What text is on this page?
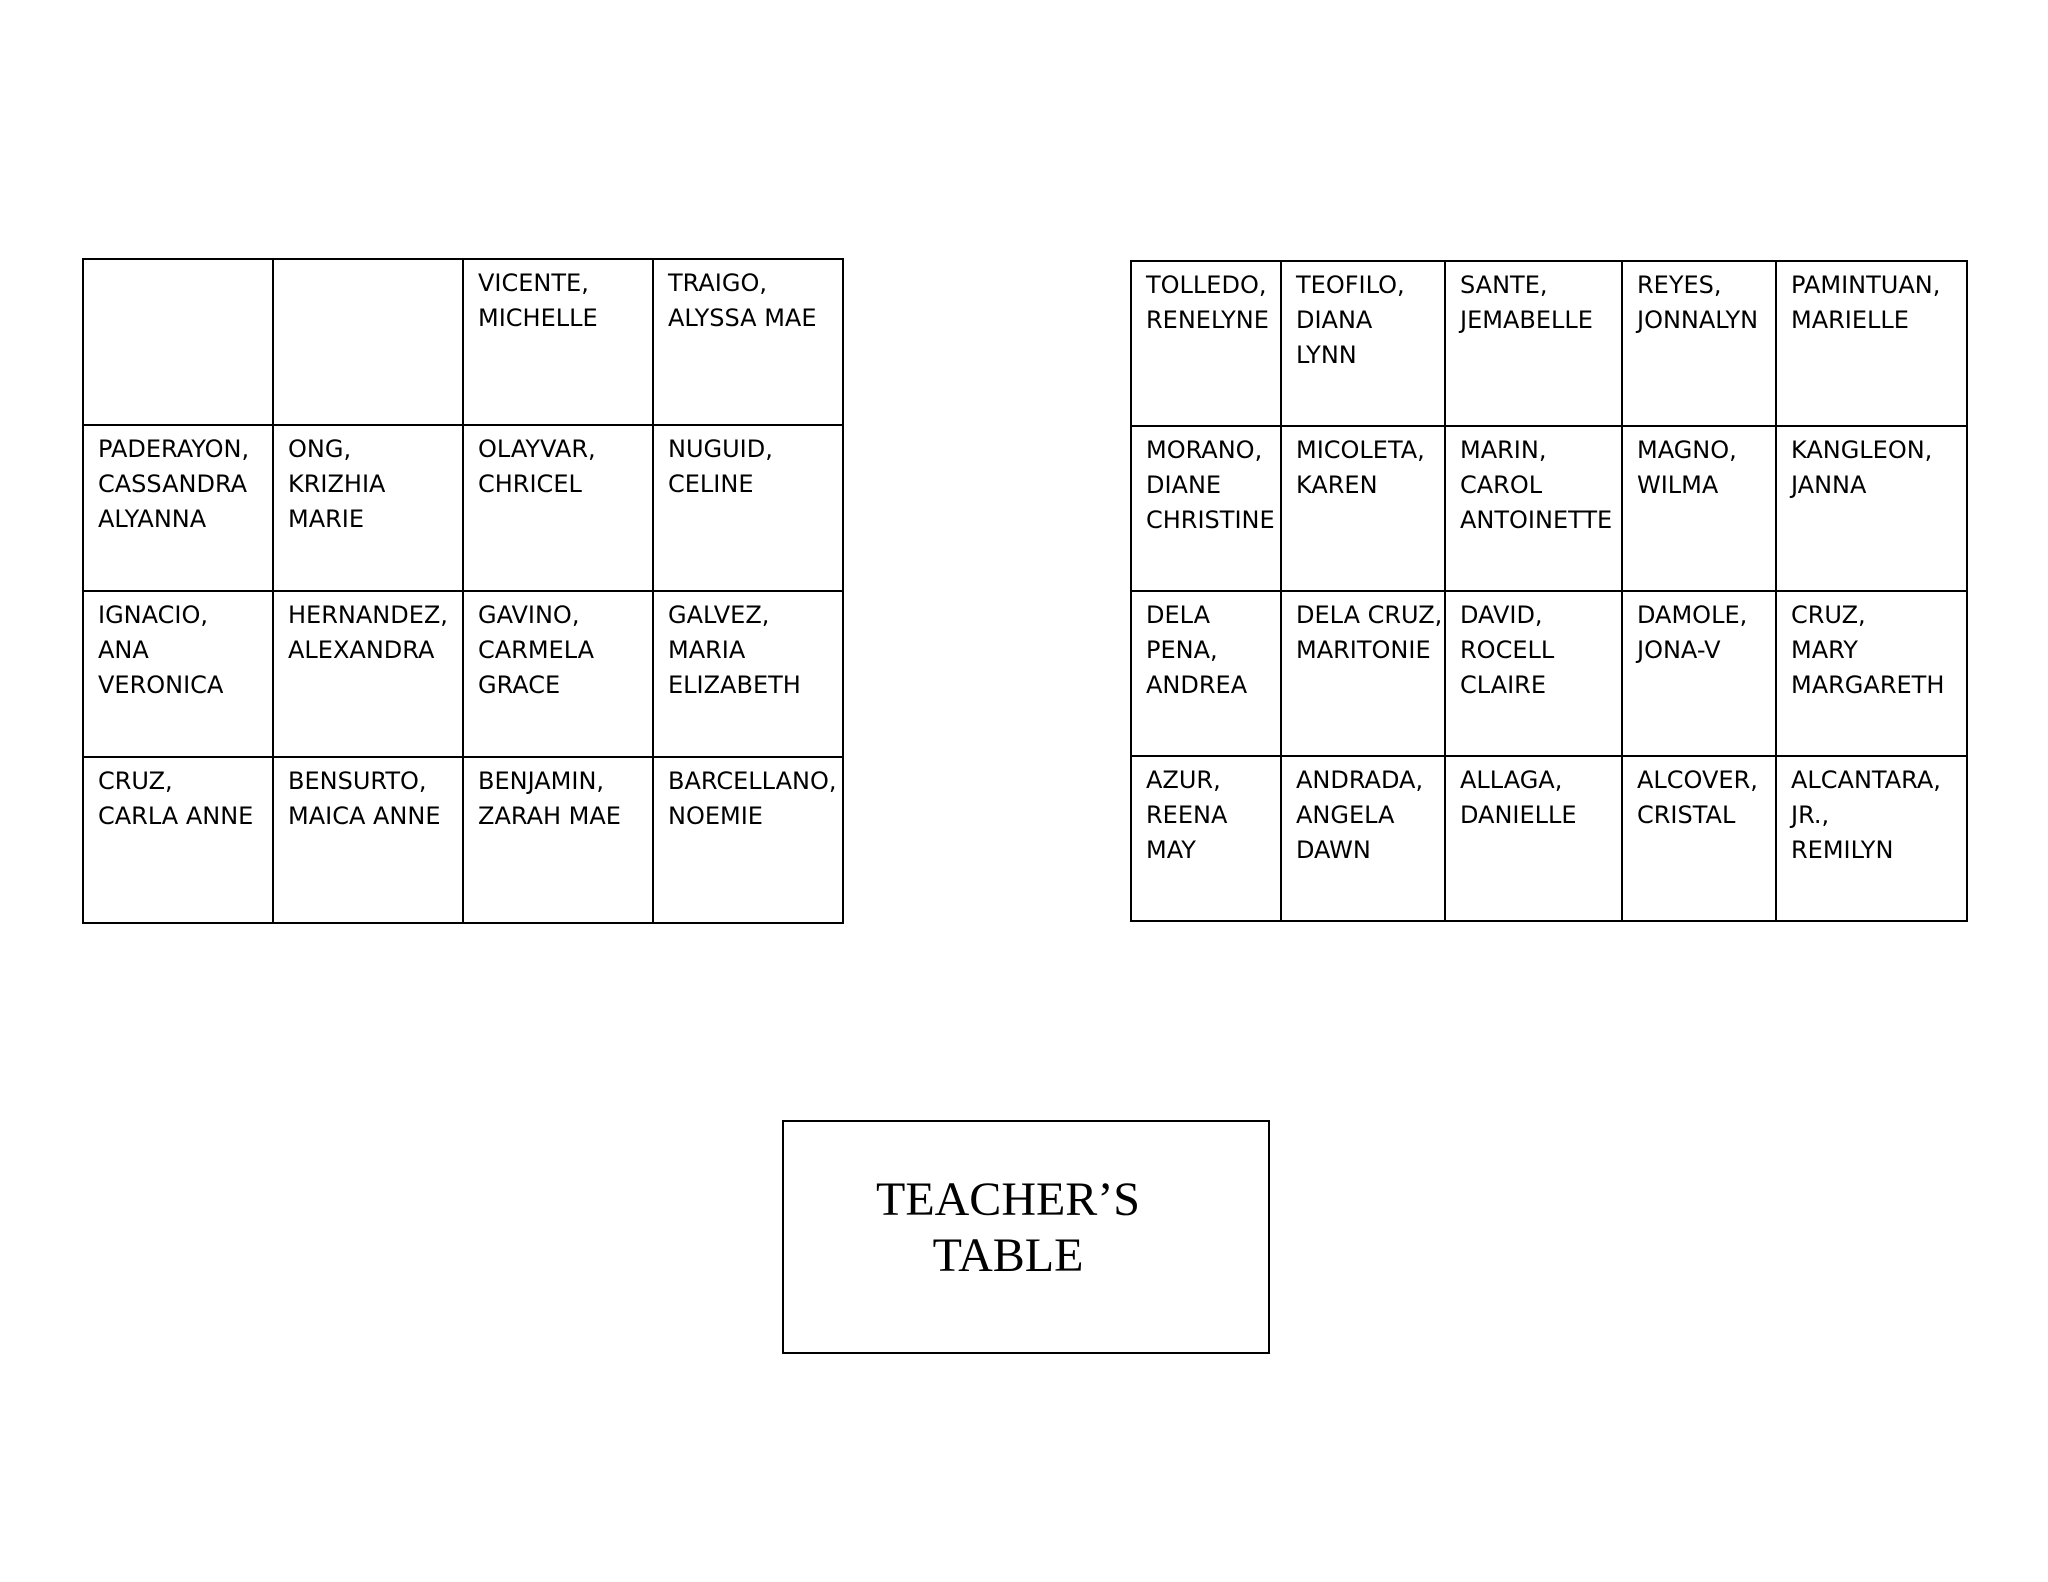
		VICENTE,
MICHELLE	TRAIGO,
ALYSSA MAE

PADERAYON,
CASSANDRA
ALYANNA	ONG,
KRIZHIA
MARIE	OLAYVAR,
CHRICEL	NUGUID,
CELINE

IGNACIO,
ANA
VERONICA	HERNANDEZ,
ALEXANDRA	GAVINO,
CARMELA
GRACE	GALVEZ,
MARIA
ELIZABETH

CRUZ,
CARLA ANNE	BENSURTO,
MAICA ANNE	BENJAMIN,
ZARAH MAE	BARCELLANO,
NOEMIE
TOLLEDO,
RENELYNE	TEOFILO,
DIANA
LYNN	SANTE,
JEMABELLE	REYES,
JONNALYN	PAMINTUAN,
MARIELLE

MORANO,
DIANE
CHRISTINE	MICOLETA,
KAREN	MARIN,
CAROL
ANTOINETTE	MAGNO,
WILMA	KANGLEON,
JANNA

DELA
PENA,
ANDREA	DELA CRUZ,
MARITONIE	DAVID,
ROCELL
CLAIRE	DAMOLE,
JONA-V	CRUZ,
MARY
MARGARETH

AZUR,
REENA
MAY	ANDRADA,
ANGELA
DAWN	ALLAGA,
DANIELLE	ALCOVER,
CRISTAL	ALCANTARA,
JR.,
REMILYN
TEACHER’S
TABLE
